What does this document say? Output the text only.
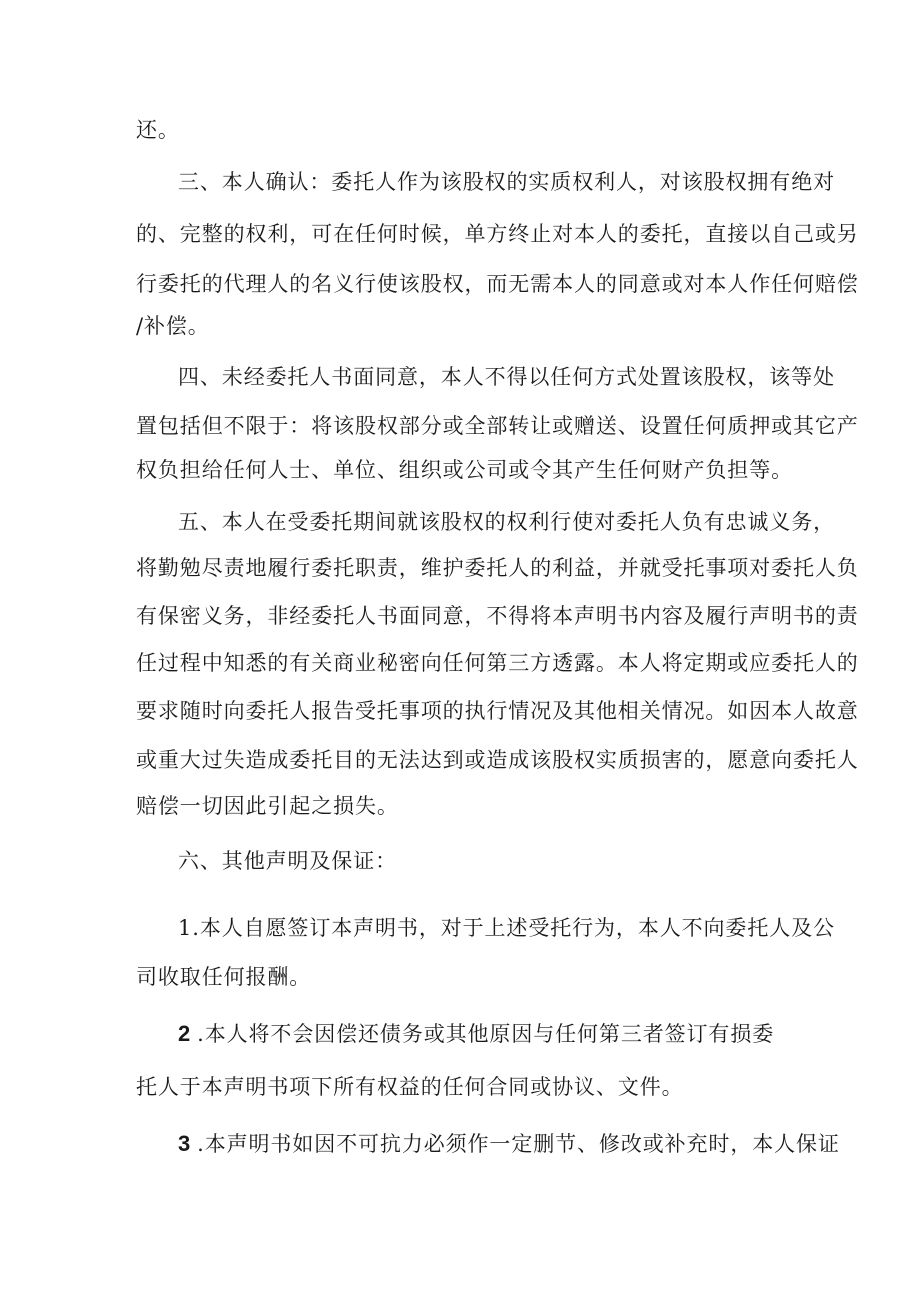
还。
三、本人确认：委托人作为该股权的实质权利人，对该股权拥有绝对
的、完整的权利，可在任何时候，单方终止对本人的委托，直接以自己或另
行委托的代理人的名义行使该股权，而无需本人的同意或对本人作任何赔偿
/补偿。
四、未经委托人书面同意，本人不得以任何方式处置该股权，该等处
置包括但不限于：将该股权部分或全部转让或赠送、设置任何质押或其它产
权负担给任何人士、单位、组织或公司或令其产生任何财产负担等。
五、本人在受委托期间就该股权的权利行使对委托人负有忠诚义务，
将勤勉尽责地履行委托职责，维护委托人的利益，并就受托事项对委托人负
有保密义务，非经委托人书面同意，不得将本声明书内容及履行声明书的责
任过程中知悉的有关商业秘密向任何第三方透露。本人将定期或应委托人的
要求随时向委托人报告受托事项的执行情况及其他相关情况。如因本人故意
或重大过失造成委托目的无法达到或造成该股权实质损害的，愿意向委托人
赔偿一切因此引起之损失。
六、其他声明及保证：
1.本人自愿签订本声明书，对于上述受托行为，本人不向委托人及公
司收取任何报酬。
2 .本人将不会因偿还债务或其他原因与任何第三者签订有损委
托人于本声明书项下所有权益的任何合同或协议、文件。
3 .本声明书如因不可抗力必须作一定删节、修改或补充时，本人保证
